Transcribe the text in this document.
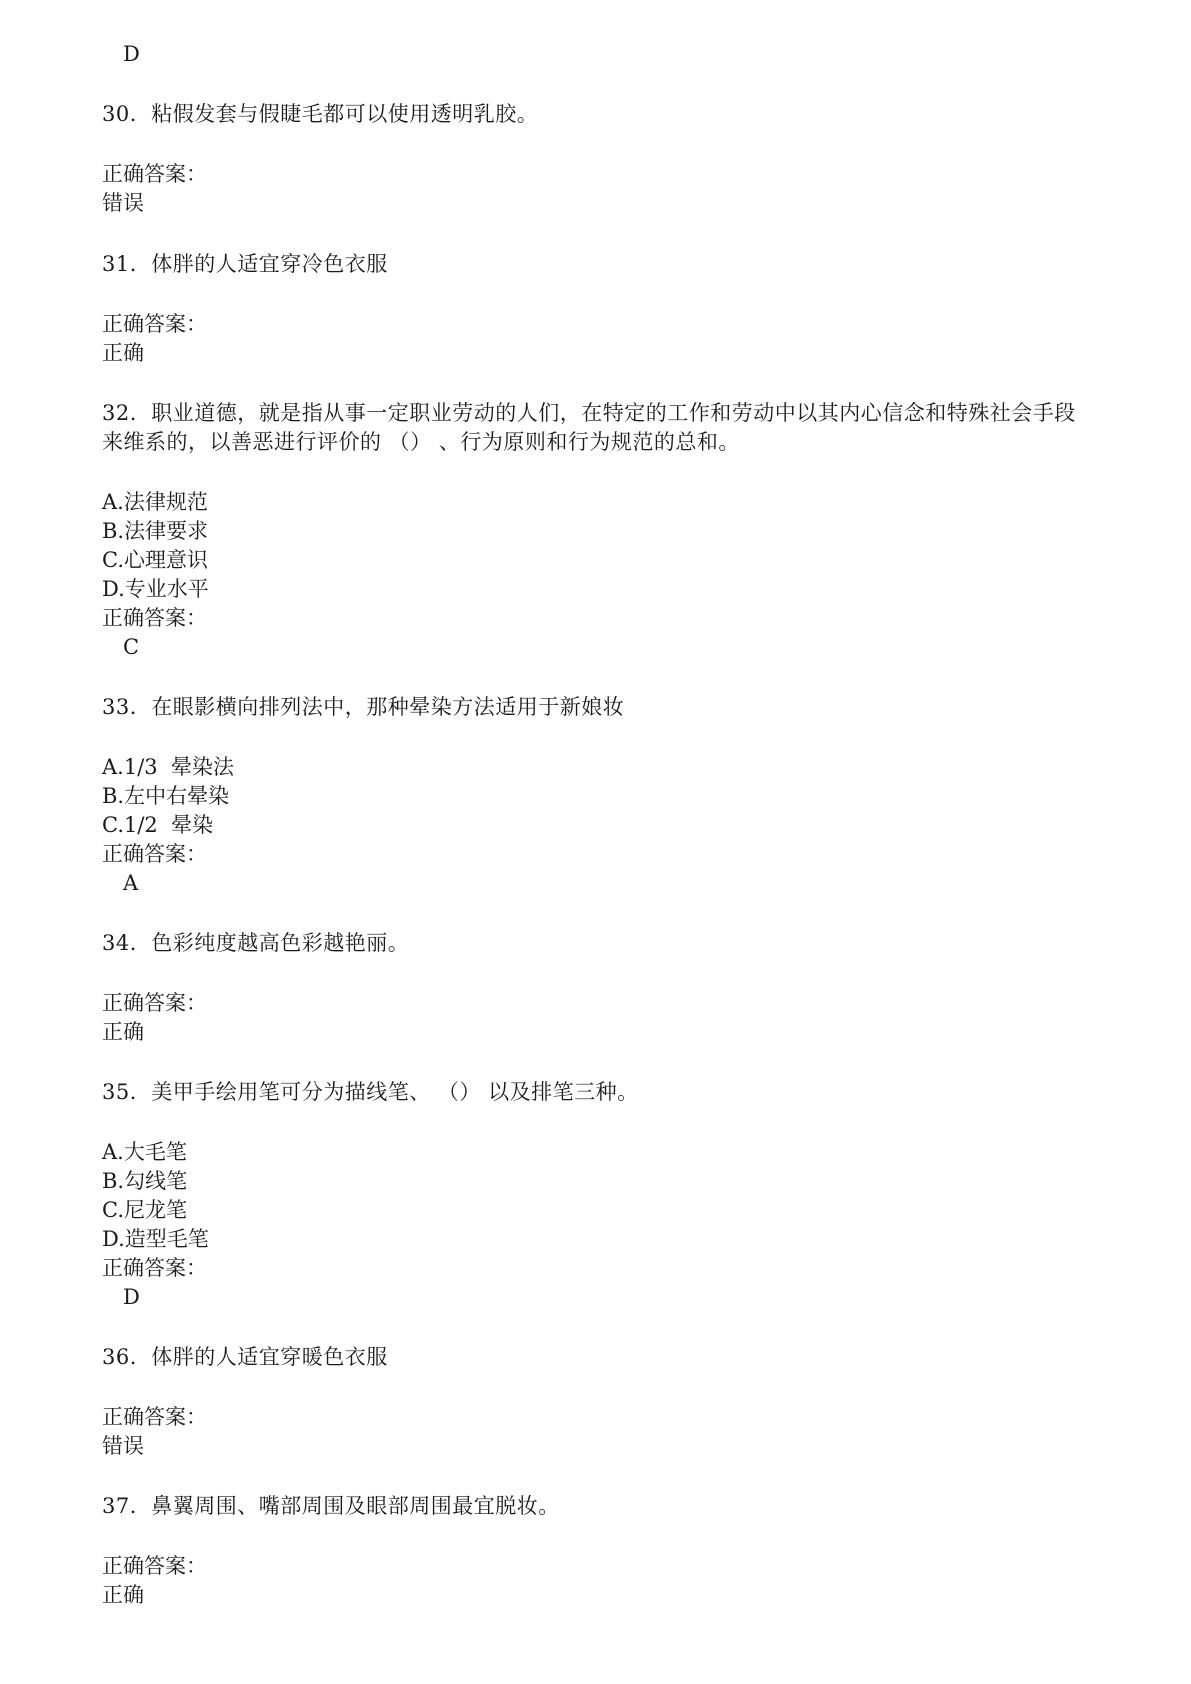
D

30.  粘假发套与假睫毛都可以使用透明乳胶。

正确答案：

错误

31.  体胖的人适宜穿冷色衣服

正确答案：

正确

32.  职业道德，就是指从事一定职业劳动的人们，在特定的工作和劳动中以其内心信念和特殊社会手段

来维系的，以善恶进行评价的 （） 、行为原则和行为规范的总和。

A.法律规范

B.法律要求

C.心理意识

D.专业水平

正确答案：

C

33.  在眼影横向排列法中，那种晕染方法适用于新娘妆

A.1/3  晕染法

B.左中右晕染

C.1/2  晕染

正确答案：

A

34.  色彩纯度越高色彩越艳丽。

正确答案：

正确

35.  美甲手绘用笔可分为描线笔、 （） 以及排笔三种。

A.大毛笔

B.勾线笔

C.尼龙笔

D.造型毛笔

正确答案：

D

36.  体胖的人适宜穿暖色衣服

正确答案：

错误

37.  鼻翼周围、嘴部周围及眼部周围最宜脱妆。

正确答案：

正确
